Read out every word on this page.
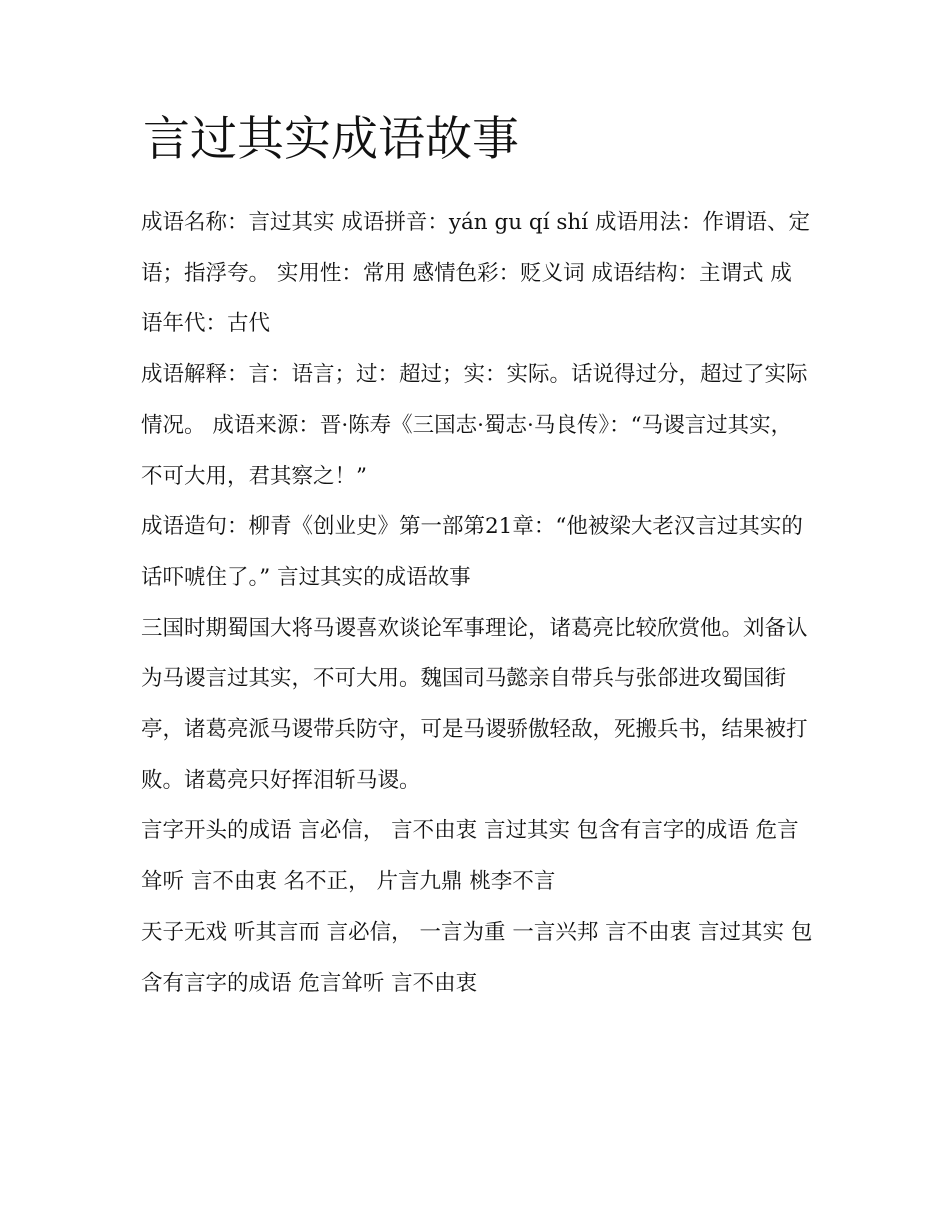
言过其实成语故事

成语名称：言过其实 成语拼音：yán gu qí shí 成语用法：作谓语、定语；指浮夸。 实用性：常用 感情色彩：贬义词 成语结构：主谓式 成语年代：古代

成语解释：言：语言；过：超过；实：实际。话说得过分，超过了实际情况。 成语来源：晋·陈寿《三国志·蜀志·马良传》：“马谡言过其实，不可大用，君其察之！”

成语造句：柳青《创业史》第一部第21章：“他被梁大老汉言过其实的话吓唬住了。” 言过其实的成语故事

三国时期蜀国大将马谡喜欢谈论军事理论，诸葛亮比较欣赏他。刘备认为马谡言过其实，不可大用。魏国司马懿亲自带兵与张郃进攻蜀国街亭，诸葛亮派马谡带兵防守，可是马谡骄傲轻敌，死搬兵书，结果被打败。诸葛亮只好挥泪斩马谡。

言字开头的成语 言必信， 言不由衷 言过其实 包含有言字的成语 危言耸听 言不由衷 名不正， 片言九鼎 桃李不言

天子无戏 听其言而 言必信， 一言为重 一言兴邦 言不由衷 言过其实 包含有言字的成语 危言耸听 言不由衷
